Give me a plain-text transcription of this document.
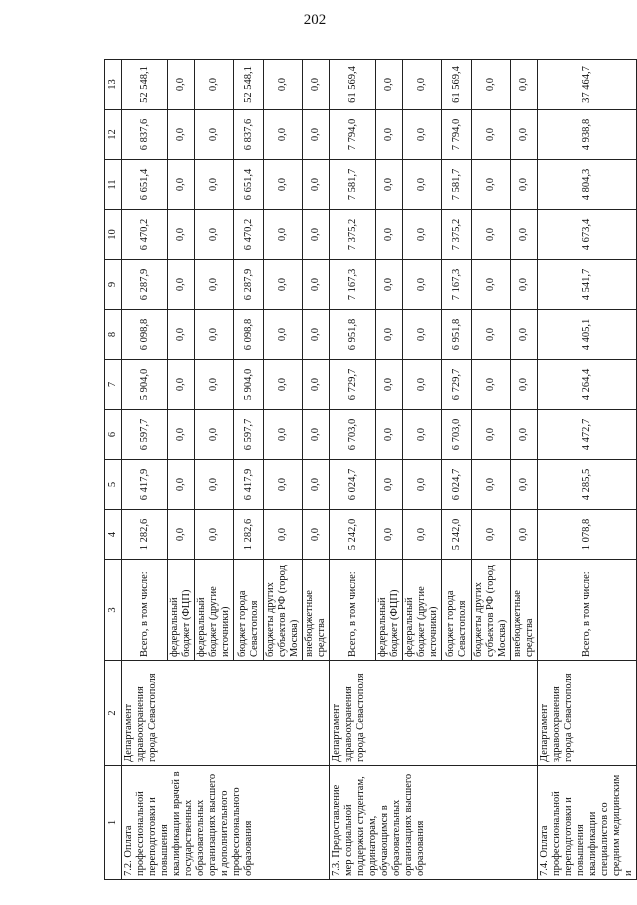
202
1	2	3	4	5	6	7	8	9	10	11	12	13
7.2. Оплата профессиональной переподготовки и повышения квалификации врачей в государственных образовательных организациях высшего и дополнительного профессионального образования	Департамент здравоохранения города Севастополя	Всего, в том числе:	1 282,6	6 417,9	6 597,7	5 904,0	6 098,8	6 287,9	6 470,2	6 651,4	6 837,6	52 548,1
		федеральный бюджет (ФЦП)	0,0	0,0	0,0	0,0	0,0	0,0	0,0	0,0	0,0	0,0
		федеральный бюджет (другие источники)	0,0	0,0	0,0	0,0	0,0	0,0	0,0	0,0	0,0	0,0
		бюджет города Севастополя	1 282,6	6 417,9	6 597,7	5 904,0	6 098,8	6 287,9	6 470,2	6 651,4	6 837,6	52 548,1
		бюджеты других субъектов РФ (город Москва)	0,0	0,0	0,0	0,0	0,0	0,0	0,0	0,0	0,0	0,0
		внебюджетные средства	0,0	0,0	0,0	0,0	0,0	0,0	0,0	0,0	0,0	0,0
7.3. Предоставление мер социальной поддержки студентам, ординаторам, обучающимся в образовательных организациях высшего образования	Департамент здравоохранения города Севастополя	Всего, в том числе:	5 242,0	6 024,7	6 703,0	6 729,7	6 951,8	7 167,3	7 375,2	7 581,7	7 794,0	61 569,4
		федеральный бюджет (ФЦП)	0,0	0,0	0,0	0,0	0,0	0,0	0,0	0,0	0,0	0,0
		федеральный бюджет (другие источники)	0,0	0,0	0,0	0,0	0,0	0,0	0,0	0,0	0,0	0,0
		бюджет города Севастополя	5 242,0	6 024,7	6 703,0	6 729,7	6 951,8	7 167,3	7 375,2	7 581,7	7 794,0	61 569,4
		бюджеты других субъектов РФ (город Москва)	0,0	0,0	0,0	0,0	0,0	0,0	0,0	0,0	0,0	0,0
		внебюджетные средства	0,0	0,0	0,0	0,0	0,0	0,0	0,0	0,0	0,0	0,0
7.4. Оплата профессиональной переподготовки и повышения квалификации специалистов со средним медицинским и	Департамент здравоохранения города Севастополя	Всего, в том числе:	1 078,8	4 285,5	4 472,7	4 264,4	4 405,1	4 541,7	4 673,4	4 804,3	4 938,8	37 464,7
